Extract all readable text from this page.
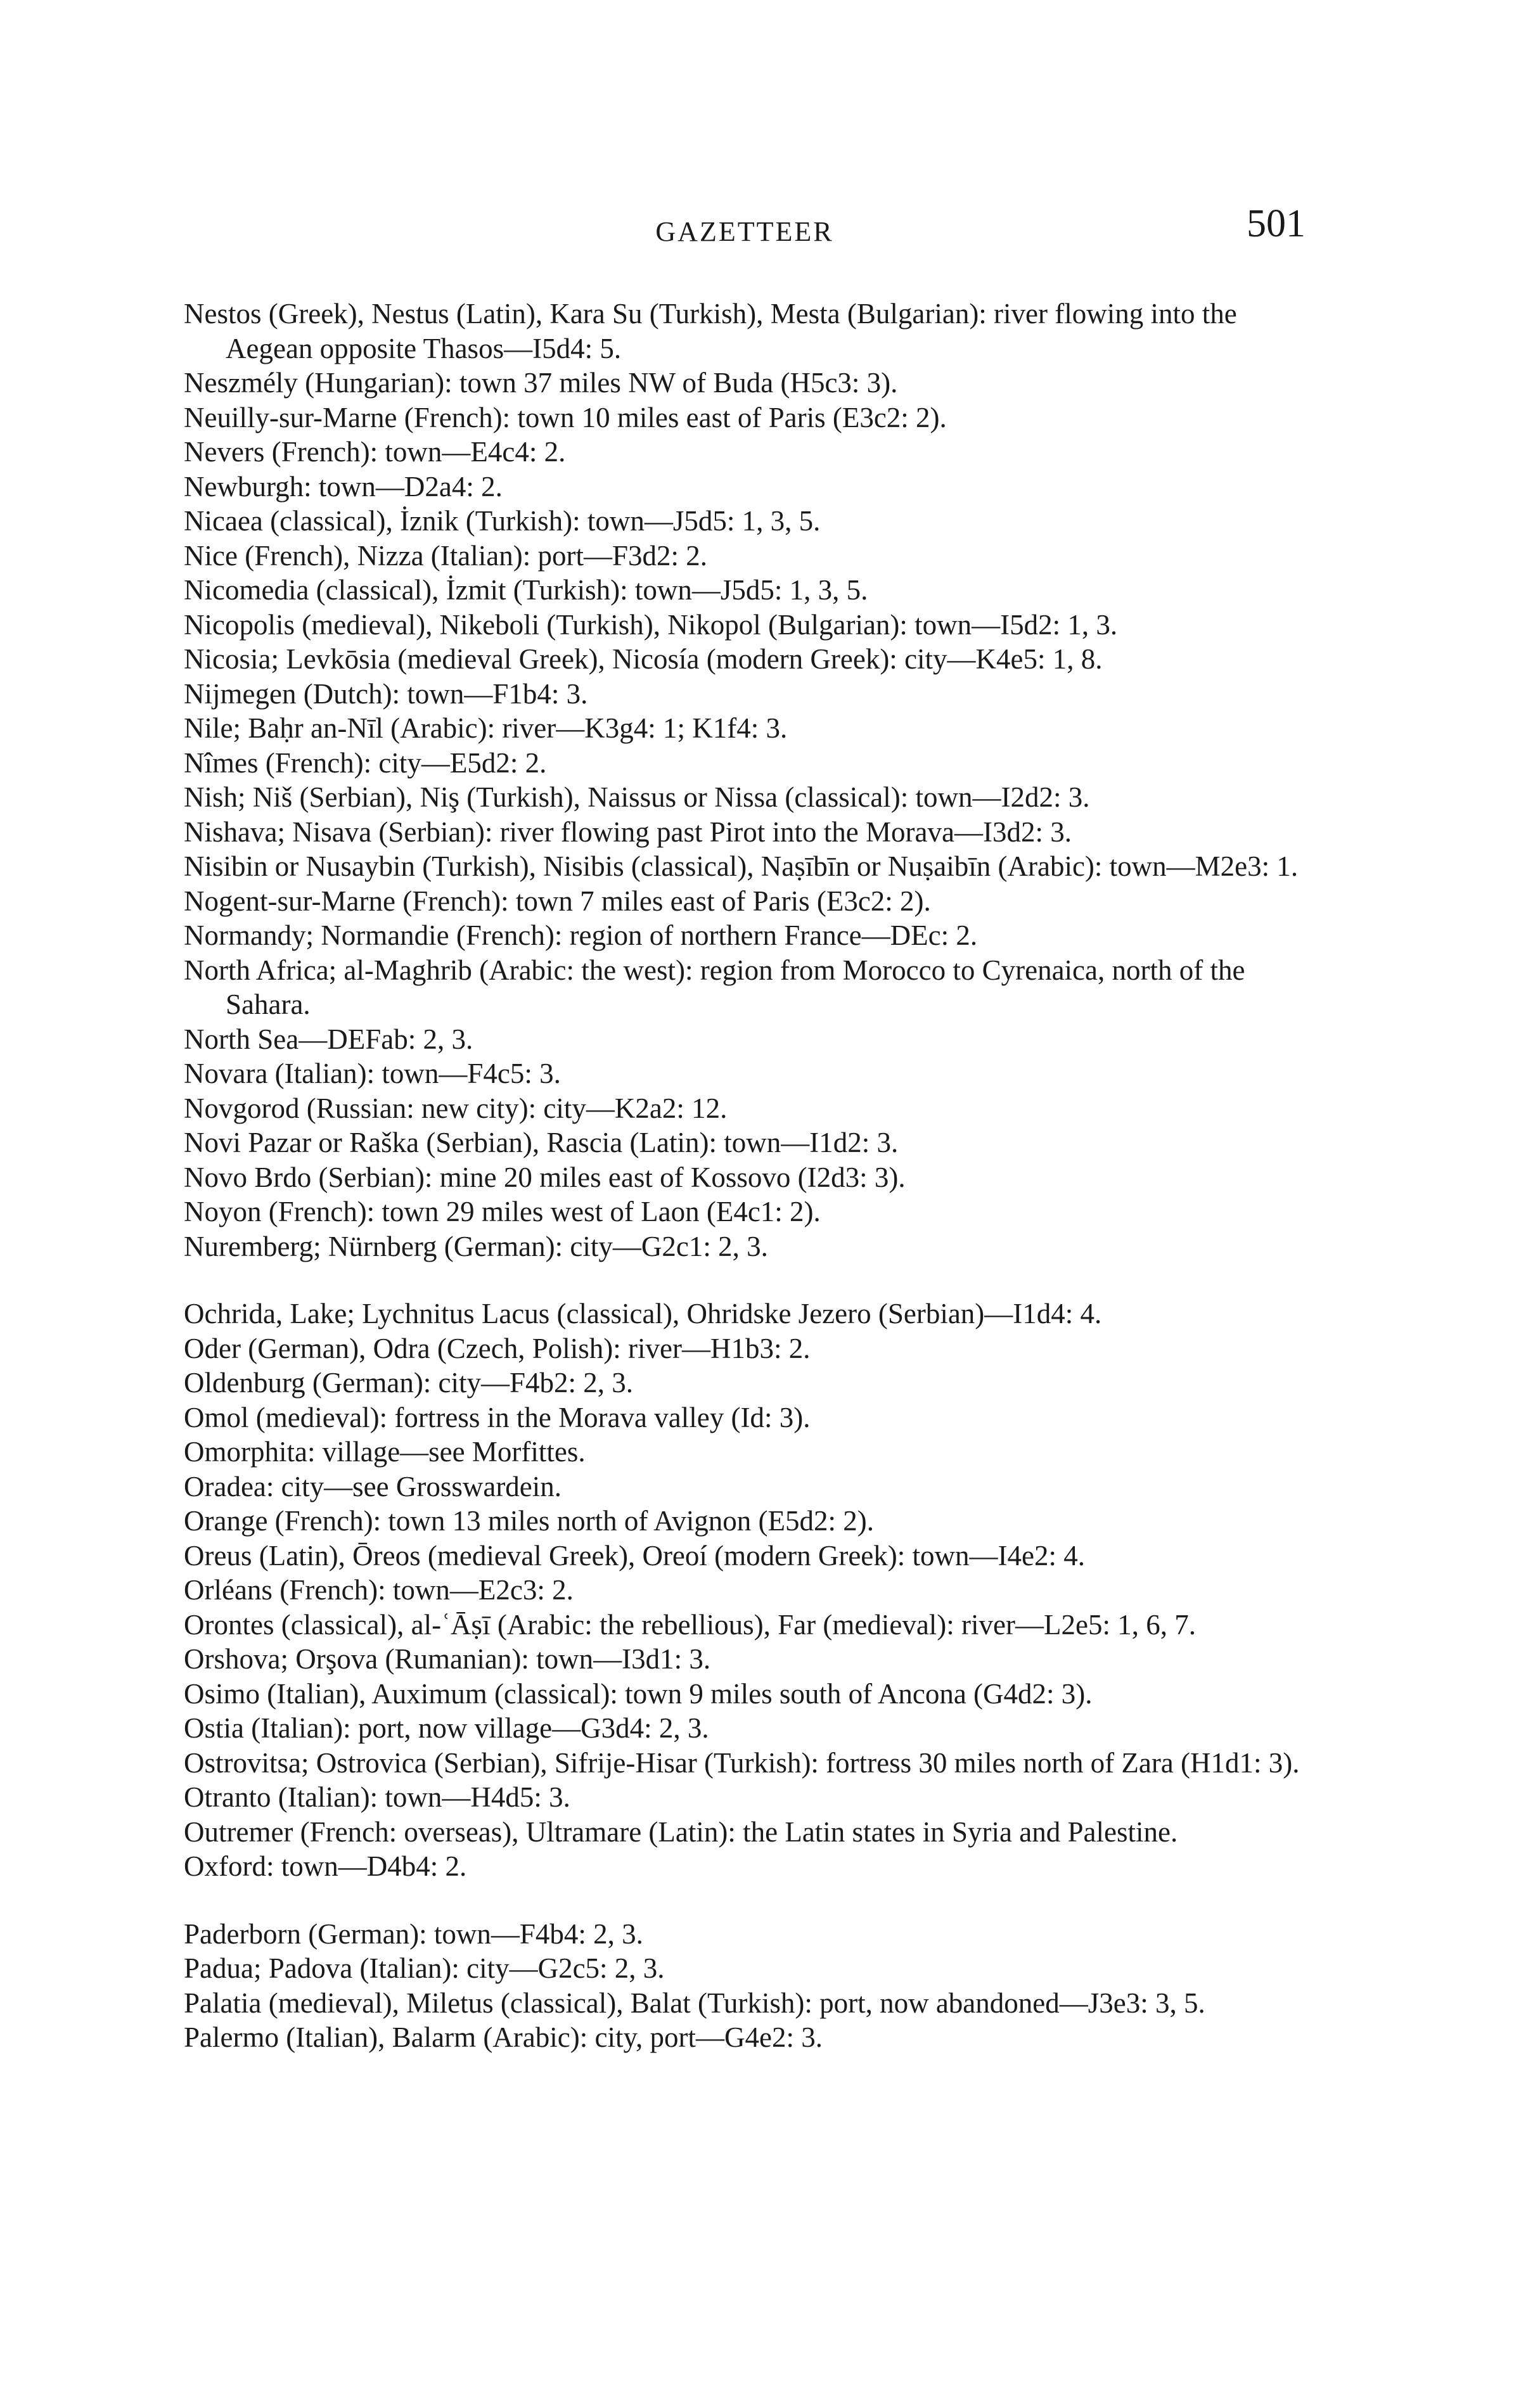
GAZETTEER	501

Nestos (Greek), Nestus (Latin), Kara Su (Turkish), Mesta (Bulgarian): river flowing into the Aegean opposite Thasos—I5d4: 5.

Neszmély (Hungarian): town 37 miles NW of Buda (H5c3: 3).

Neuilly-sur-Marne (French): town 10 miles east of Paris (E3c2: 2).

Nevers (French): town—E4c4: 2.

Newburgh: town—D2a4: 2.

Nicaea (classical), İznik (Turkish): town—J5d5: 1, 3, 5.

Nice (French), Nizza (Italian): port—F3d2: 2.

Nicomedia (classical), İzmit (Turkish): town—J5d5: 1, 3, 5.

Nicopolis (medieval), Nikeboli (Turkish), Nikopol (Bulgarian): town—I5d2: 1, 3.

Nicosia; Levkōsia (medieval Greek), Nicosía (modern Greek): city—K4e5: 1, 8.

Nijmegen (Dutch): town—F1b4: 3.

Nile; Baḥr an-Nīl (Arabic): river—K3g4: 1; K1f4: 3.

Nîmes (French): city—E5d2: 2.

Nish; Niš (Serbian), Niş (Turkish), Naissus or Nissa (classical): town—I2d2: 3.

Nishava; Nisava (Serbian): river flowing past Pirot into the Morava—I3d2: 3.

Nisibin or Nusaybin (Turkish), Nisibis (classical), Naṣībīn or Nuṣaibīn (Arabic): town—M2e3: 1.

Nogent-sur-Marne (French): town 7 miles east of Paris (E3c2: 2).

Normandy; Normandie (French): region of northern France—DEc: 2.

North Africa; al-Maghrib (Arabic: the west): region from Morocco to Cyrenaica, north of the Sahara.

North Sea—DEFab: 2, 3.

Novara (Italian): town—F4c5: 3.

Novgorod (Russian: new city): city—K2a2: 12.

Novi Pazar or Raška (Serbian), Rascia (Latin): town—I1d2: 3.

Novo Brdo (Serbian): mine 20 miles east of Kossovo (I2d3: 3).

Noyon (French): town 29 miles west of Laon (E4c1: 2).

Nuremberg; Nürnberg (German): city—G2c1: 2, 3.

Ochrida, Lake; Lychnitus Lacus (classical), Ohridske Jezero (Serbian)—I1d4: 4.

Oder (German), Odra (Czech, Polish): river—H1b3: 2.

Oldenburg (German): city—F4b2: 2, 3.

Omol (medieval): fortress in the Morava valley (Id: 3).

Omorphita: village—see Morfittes.

Oradea: city—see Grosswardein.

Orange (French): town 13 miles north of Avignon (E5d2: 2).

Oreus (Latin), Ōreos (medieval Greek), Oreoí (modern Greek): town—I4e2: 4.

Orléans (French): town—E2c3: 2.

Orontes (classical), al-ʿĀṣī (Arabic: the rebellious), Far (medieval): river—L2e5: 1, 6, 7.

Orshova; Orşova (Rumanian): town—I3d1: 3.

Osimo (Italian), Auximum (classical): town 9 miles south of Ancona (G4d2: 3).

Ostia (Italian): port, now village—G3d4: 2, 3.

Ostrovitsa; Ostrovica (Serbian), Sifrije-Hisar (Turkish): fortress 30 miles north of Zara (H1d1: 3).

Otranto (Italian): town—H4d5: 3.

Outremer (French: overseas), Ultramare (Latin): the Latin states in Syria and Palestine.

Oxford: town—D4b4: 2.

Paderborn (German): town—F4b4: 2, 3.

Padua; Padova (Italian): city—G2c5: 2, 3.

Palatia (medieval), Miletus (classical), Balat (Turkish): port, now abandoned—J3e3: 3, 5.

Palermo (Italian), Balarm (Arabic): city, port—G4e2: 3.
